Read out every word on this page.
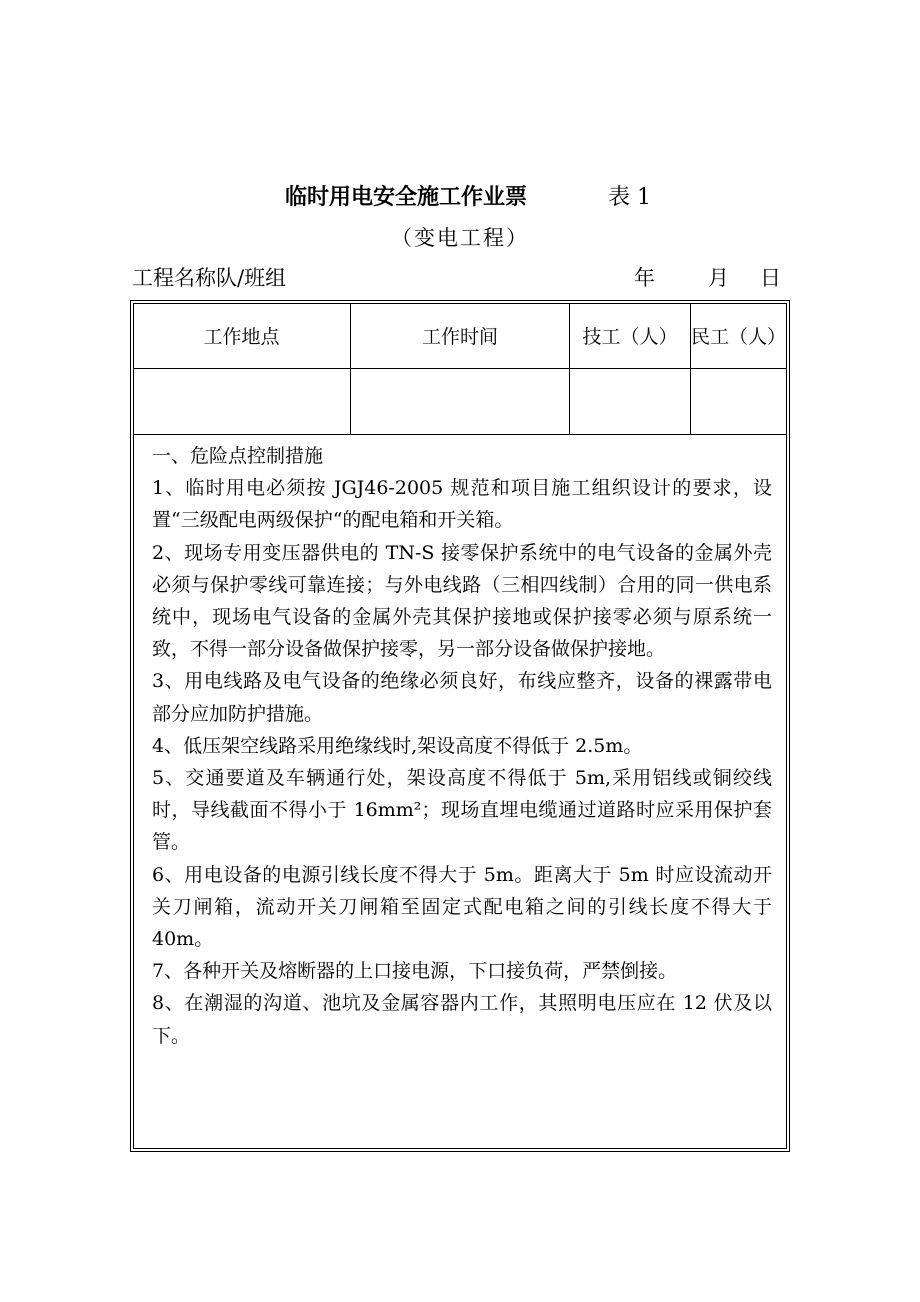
临时用电安全施工作业票	表 1
（变电工程）
工程名称队/班组	年	月 日
工作地点	工作时间	技工（人） 民工（人）

一、危险点控制措施

1、临时用电必须按 JGJ46-2005 规范和项目施工组织设计的要求，设置“三级配电两级保护“的配电箱和开关箱。

2、现场专用变压器供电的 TN-S 接零保护系统中的电气设备的金属外壳必须与保护零线可靠连接；与外电线路（三相四线制）合用的同一供电系统中，现场电气设备的金属外壳其保护接地或保护接零必须与原系统一致，不得一部分设备做保护接零，另一部分设备做保护接地。

3、用电线路及电气设备的绝缘必须良好，布线应整齐，设备的裸露带电部分应加防护措施。

4、低压架空线路采用绝缘线时,架设高度不得低于 2.5m。

5、交通要道及车辆通行处，架设高度不得低于 5m,采用铝线或铜绞线时，导线截面不得小于 16mm²；现场直埋电缆通过道路时应采用保护套管。

6、用电设备的电源引线长度不得大于 5m。距离大于 5m 时应设流动开关刀闸箱，流动开关刀闸箱至固定式配电箱之间的引线长度不得大于 40m。

7、各种开关及熔断器的上口接电源，下口接负荷，严禁倒接。

8、在潮湿的沟道、池坑及金属容器内工作，其照明电压应在 12 伏及以下。
